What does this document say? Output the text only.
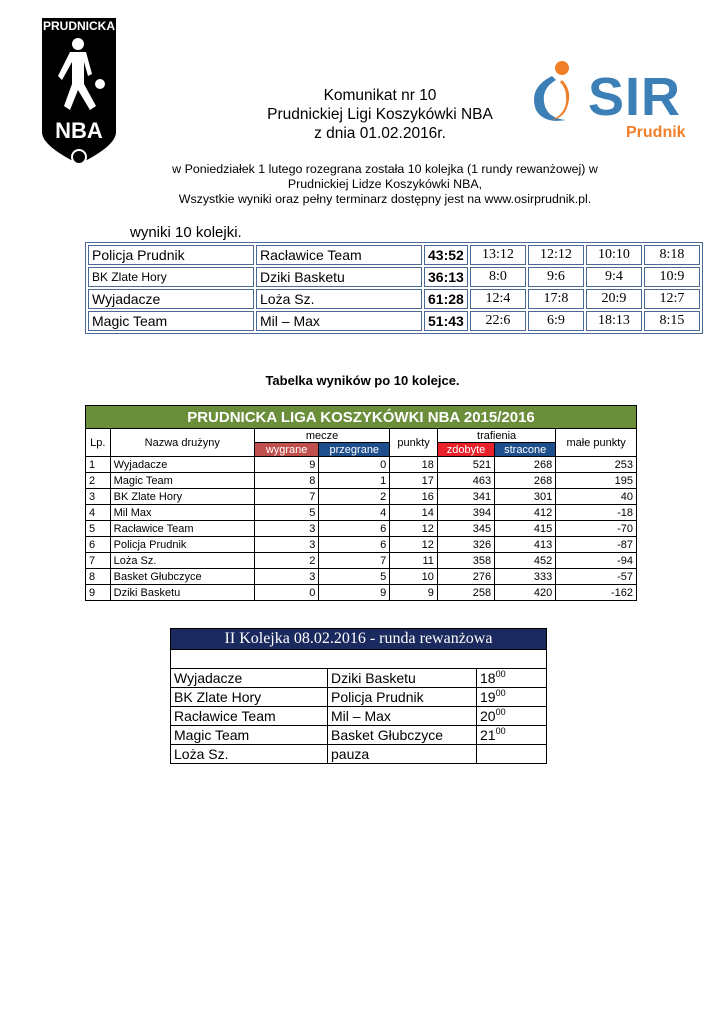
PRUDNICKA
NBA
SIR
Prudnik
Komunikat nr 10
Prudnickiej Ligi Koszykówki NBA
z dnia 01.02.2016r.
w Poniedziałek 1 lutego rozegrana została 10 kolejka (1 rundy rewanżowej) w
Prudnickiej Lidze Koszykówki NBA,
Wszystkie wyniki oraz pełny terminarz dostępny jest na www.osirprudnik.pl.
wyniki 10 kolejki.
Policja Prudnik	Racławice Team	43:52	13:12	12:12	10:10	8:18
BK Zlate Hory	Dziki Basketu	36:13	8:0	9:6	9:4	10:9
Wyjadacze	Loża Sz.	61:28	12:4	17:8	20:9	12:7
Magic Team	Mil – Max	51:43	22:6	6:9	18:13	8:15
Tabelka wyników po 10 kolejce.
PRUDNICKA LIGA KOSZYKÓWKI NBA 2015/2016							
Lp.	Nazwa drużyny	mecze		punkty	trafienia		małe punkty
		wygrane	przegrane		zdobyte	stracone	
1	Wyjadacze	9	0	18	521	268	253
2	Magic Team	8	1	17	463	268	195
3	BK Zlate Hory	7	2	16	341	301	40
4	Mil Max	5	4	14	394	412	-18
5	Racławice Team	3	6	12	345	415	-70
6	Policja Prudnik	3	6	12	326	413	-87
7	Loża Sz.	2	7	11	358	452	-94
8	Basket Głubczyce	3	5	10	276	333	-57
9	Dziki Basketu	0	9	9	258	420	-162
II Kolejka 08.02.2016 - runda rewanżowa		

Wyjadacze	Dziki Basketu	$18^{00}$
BK Zlate Hory	Policja Prudnik	$19^{00}$
Racławice Team	Mil – Max	$20^{00}$
Magic Team	Basket Głubczyce	$21^{00}$
Loża Sz.	pauza	
